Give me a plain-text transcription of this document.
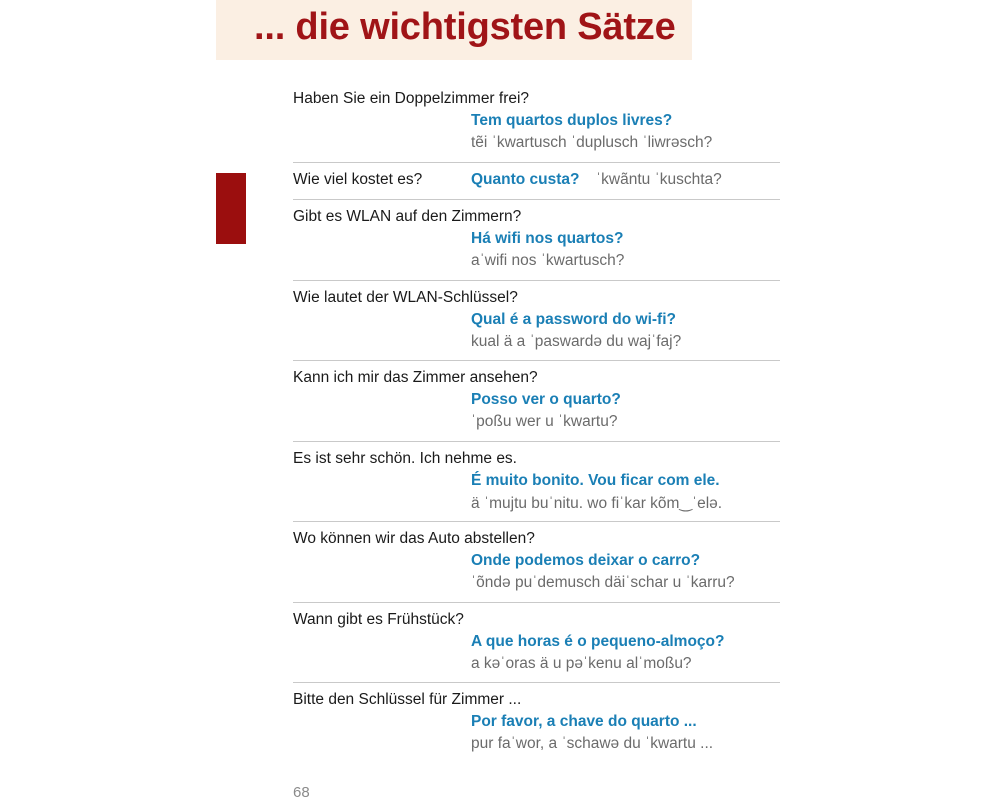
... die wichtigsten Sätze
Haben Sie ein Doppelzimmer frei?
Tem quartos duplos livres?
tẽi ˈkwartusch ˈduplusch ˈliwrəsch?
Wie viel kostet es?	Quanto custa? ˈkwãntu ˈkuschta?
Gibt es WLAN auf den Zimmern?
Há wifi nos quartos?
aˈwifi nos ˈkwartusch?
Wie lautet der WLAN-Schlüssel?
Qual é a password do wi-fi?
kual ä a ˈpaswardə du wajˈfaj?
Kann ich mir das Zimmer ansehen?
Posso ver o quarto?
ˈpoßu wer u ˈkwartu?
Es ist sehr schön. Ich nehme es.
É muito bonito. Vou ficar com ele.
ä ˈmujtu buˈnitu. wo fiˈkar kõm‿ˈelə.
Wo können wir das Auto abstellen?
Onde podemos deixar o carro?
ˈõndə puˈdemusch däiˈschar u ˈkarru?
Wann gibt es Frühstück?
A que horas é o pequeno-almoço?
a kəˈoras ä u pəˈkenu alˈmoßu?
Bitte den Schlüssel für Zimmer ...
Por favor, a chave do quarto ...
pur faˈwor, a ˈschawə du ˈkwartu ...
68
